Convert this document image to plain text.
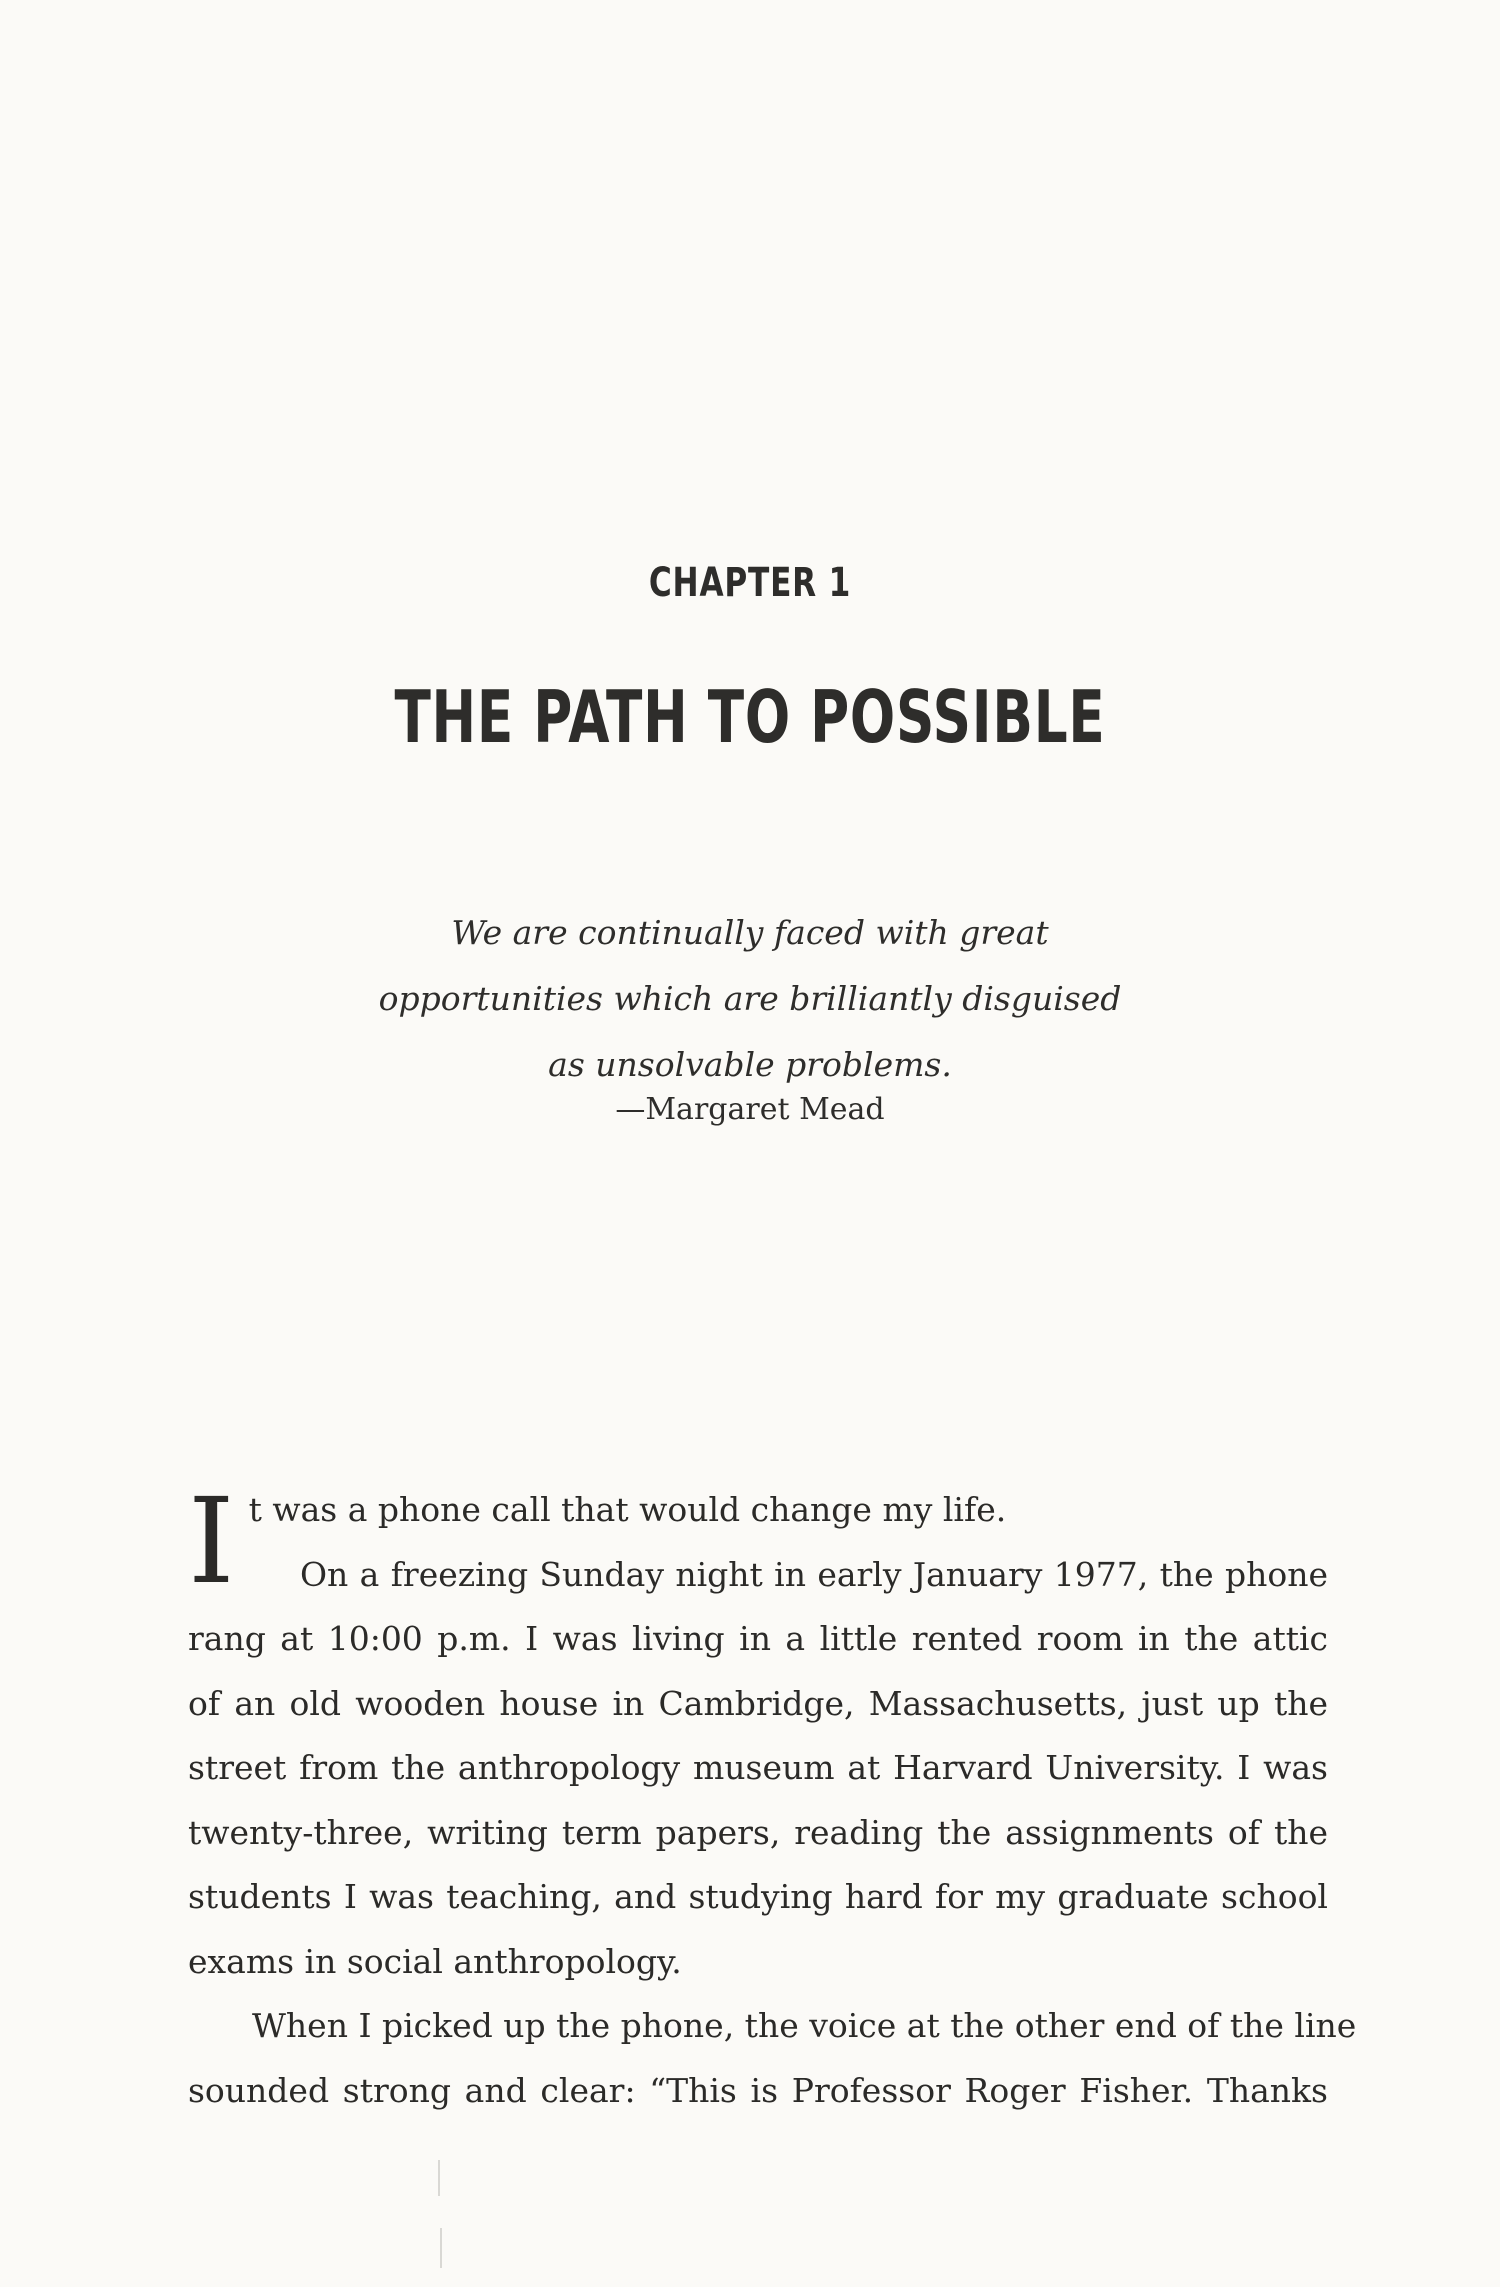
CHAPTER 1
THE PATH TO POSSIBLE
We are continually faced with great
opportunities which are brilliantly disguised
as unsolvable problems.
—Margaret Mead
I t was a phone call that would change my life.
On a freezing Sunday night in early January 1977, the phone
rang at 10:00 p.m. I was living in a little rented room in the attic
of an old wooden house in Cambridge, Massachusetts, just up the
street from the anthropology museum at Harvard University. I was
twenty-three, writing term papers, reading the assignments of the
students I was teaching, and studying hard for my graduate school
exams in social anthropology.
When I picked up the phone, the voice at the other end of the line
sounded strong and clear: “This is Professor Roger Fisher. Thanks
